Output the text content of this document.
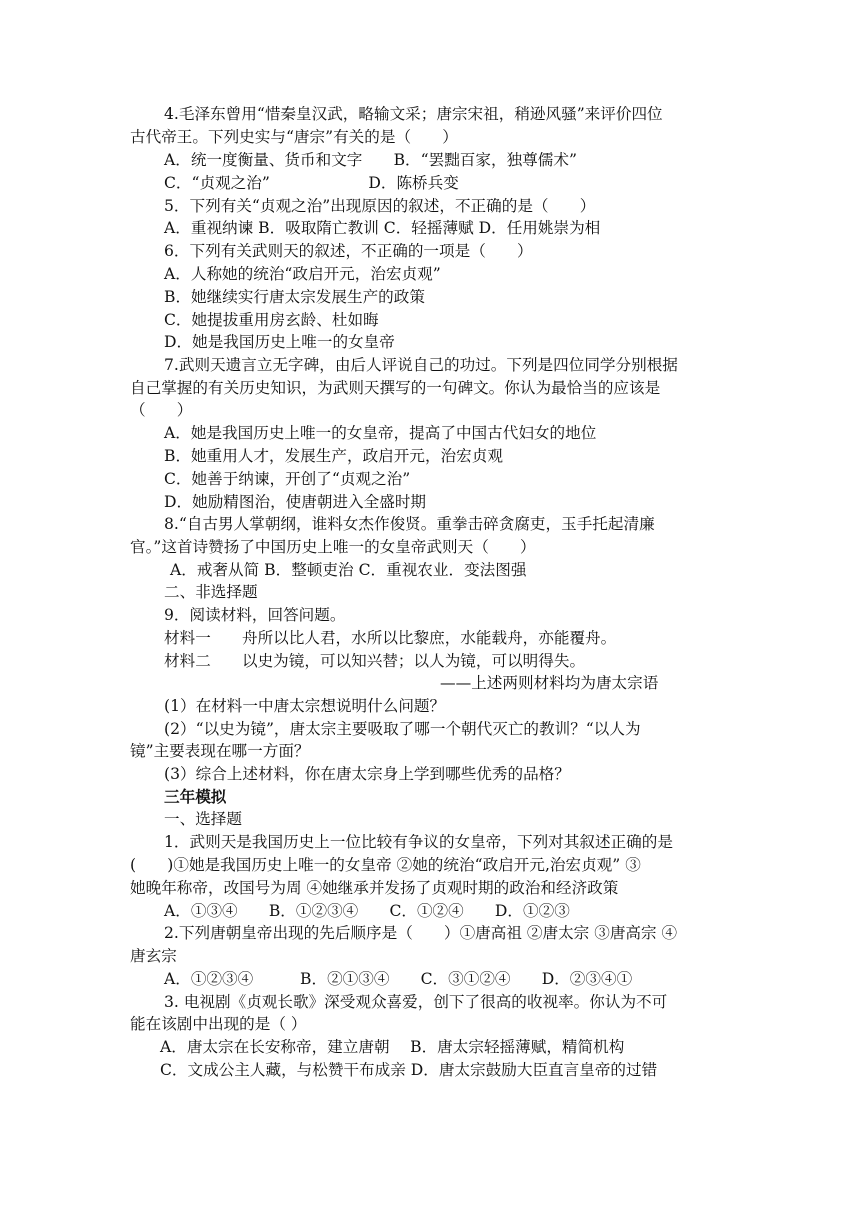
4.毛泽东曾用“惜秦皇汉武，略输文采；唐宗宋祖，稍逊风骚”来评价四位
古代帝王。下列史实与“唐宗”有关的是（　　）
A．统一度衡量、货币和文字　　B．“罢黜百家，独尊儒术”
C．“贞观之治”　　　　　　 D．陈桥兵变
5．下列有关“贞观之治”出现原因的叙述，不正确的是（　　）
A．重视纳谏 B．吸取隋亡教训 C．轻摇薄赋 D．任用姚崇为相
6．下列有关武则天的叙述，不正确的一项是（　　）
A．人称她的统治“政启开元，治宏贞观”
B．她继续实行唐太宗发展生产的政策
C．她提拔重用房玄龄、杜如晦
D．她是我国历史上唯一的女皇帝
7.武则天遗言立无字碑，由后人评说自己的功过。下列是四位同学分别根据
自己掌握的有关历史知识，为武则天撰写的一句碑文。你认为最恰当的应该是
（　　）
A．她是我国历史上唯一的女皇帝，提高了中国古代妇女的地位
B．她重用人才，发展生产，政启开元，治宏贞观
C．她善于纳谏，开创了“贞观之治”
D．她励精图治，使唐朝进入全盛时期
8.“自古男人掌朝纲，谁料女杰作俊贤。重拳击碎贪腐吏，玉手托起清廉
官。”这首诗赞扬了中国历史上唯一的女皇帝武则天（　　）
A．戒奢从简 B．整顿吏治 C．重视农业．变法图强
二、非选择题
9．阅读材料，回答问题。
材料一　　舟所以比人君，水所以比黎庶，水能载舟，亦能覆舟。
材料二　　以史为镜，可以知兴替；以人为镜，可以明得失。
——上述两则材料均为唐太宗语
(1）在材料一中唐太宗想说明什么问题？
(2）“以史为镜”，唐太宗主要吸取了哪一个朝代灭亡的教训？“以人为
镜”主要表现在哪一方面？
(3）综合上述材料，你在唐太宗身上学到哪些优秀的品格？
三年模拟
一、选择题
1．武则天是我国历史上一位比较有争议的女皇帝，下列对其叙述正确的是
(　　)①她是我国历史上唯一的女皇帝 ②她的统治“政启开元,治宏贞观” ③
她晚年称帝，改国号为周 ④她继承并发扬了贞观时期的政治和经济政策
A．①③④　　B．①②③④　　C．①②④　　D．①②③
2.下列唐朝皇帝出现的先后顺序是（　　）①唐高祖 ②唐太宗 ③唐高宗 ④
唐玄宗
A．①②③④　　　B．②①③④　　C．③①②④　　D．②③④①
3. 电视剧《贞观长歌》深受观众喜爱，创下了很高的收视率。你认为不可
能在该剧中出现的是（ ）
A．唐太宗在长安称帝，建立唐朝　 B．唐太宗轻摇薄赋，精简机构
C．文成公主人藏，与松赞干布成亲 D．唐太宗鼓励大臣直言皇帝的过错
